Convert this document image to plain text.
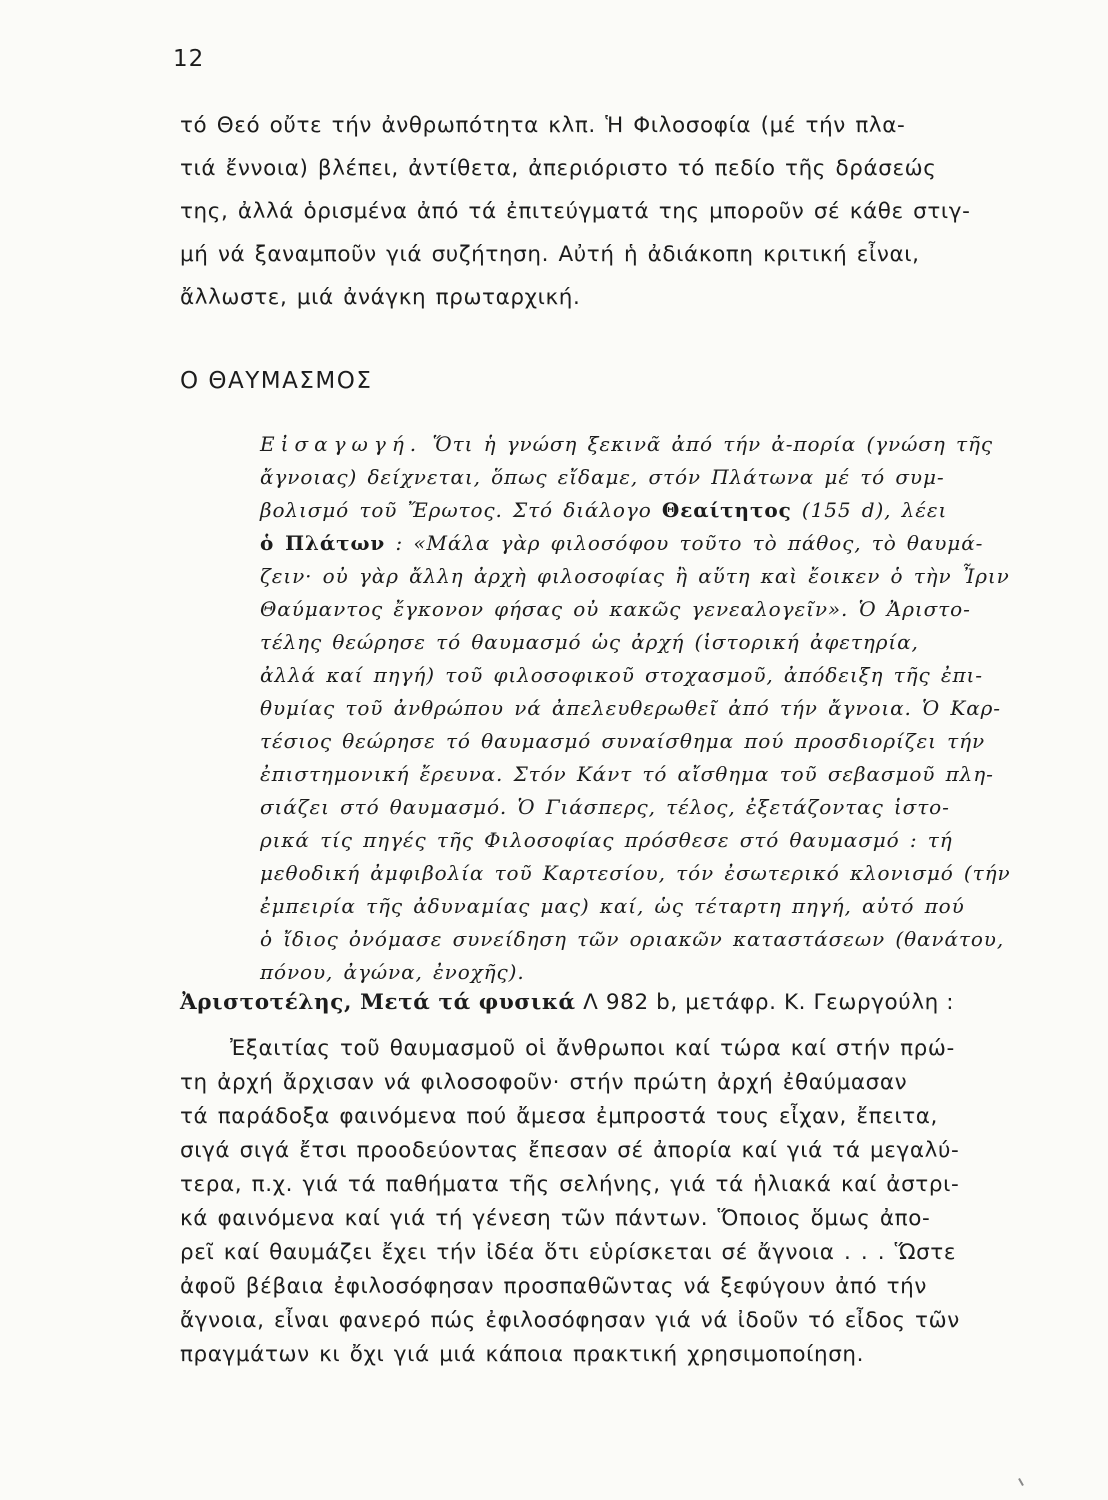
12
τό Θεό οὔτε τήν ἀνθρωπότητα κλπ. Ἡ Φιλοσοφία (μέ τήν πλα-
τιά ἔννοια) βλέπει, ἀντίθετα, ἀπεριόριστο τό πεδίο τῆς δράσεώς
της, ἀλλά ὁρισμένα ἀπό τά ἐπιτεύγματά της μποροῦν σέ κάθε στιγ-
μή νά ξαναμποῦν γιά συζήτηση. Αὐτή ἡ ἀδιάκοπη κριτική εἶναι,
ἄλλωστε, μιά ἀνάγκη πρωταρχική.
Ο ΘΑΥΜΑΣΜΟΣ
Εἰσαγωγή. Ὅτι ἡ γνώση ξεκινᾶ ἀπό τήν ἀ-πορία (γνώση τῆς
ἄγνοιας) δείχνεται, ὅπως εἴδαμε, στόν Πλάτωνα μέ τό συμ-
βολισμό τοῦ Ἔρωτος. Στό διάλογο Θεαίτητος (155 d), λέει
ὁ Πλάτων : «Μάλα γὰρ φιλοσόφου τοῦτο τὸ πάθος, τὸ θαυμά-
ζειν· οὐ γὰρ ἄλλη ἀρχὴ φιλοσοφίας ἢ αὕτη καὶ ἔοικεν ὁ τὴν Ἶριν
Θαύμαντος ἔγκονον φήσας οὐ κακῶς γενεαλογεῖν». Ὁ Ἀριστο-
τέλης θεώρησε τό θαυμασμό ὡς ἀρχή (ἱστορική ἀφετηρία,
ἀλλά καί πηγή) τοῦ φιλοσοφικοῦ στοχασμοῦ, ἀπόδειξη τῆς ἐπι-
θυμίας τοῦ ἀνθρώπου νά ἀπελευθερωθεῖ ἀπό τήν ἄγνοια. Ὁ Καρ-
τέσιος θεώρησε τό θαυμασμό συναίσθημα πού προσδιορίζει τήν
ἐπιστημονική ἔρευνα. Στόν Κάντ τό αἴσθημα τοῦ σεβασμοῦ πλη-
σιάζει στό θαυμασμό. Ὁ Γιάσπερς, τέλος, ἐξετάζοντας ἱστο-
ρικά τίς πηγές τῆς Φιλοσοφίας πρόσθεσε στό θαυμασμό : τή
μεθοδική ἀμφιβολία τοῦ Καρτεσίου, τόν ἐσωτερικό κλονισμό (τήν
ἐμπειρία τῆς ἀδυναμίας μας) καί, ὡς τέταρτη πηγή, αὐτό πού
ὁ ἴδιος ὀνόμασε συνείδηση τῶν οριακῶν καταστάσεων (θανάτου,
πόνου, ἀγώνα, ἐνοχῆς).
Ἀριστοτέλης, Μετά τά φυσικά Λ 982 b, μετάφρ. Κ. Γεωργούλη :
Ἐξαιτίας τοῦ θαυμασμοῦ οἱ ἄνθρωποι καί τώρα καί στήν πρώ-
τη ἀρχή ἄρχισαν νά φιλοσοφοῦν· στήν πρώτη ἀρχή ἐθαύμασαν
τά παράδοξα φαινόμενα πού ἄμεσα ἐμπροστά τους εἶχαν, ἔπειτα,
σιγά σιγά ἔτσι προοδεύοντας ἔπεσαν σέ ἀπορία καί γιά τά μεγαλύ-
τερα, π.χ. γιά τά παθήματα τῆς σελήνης, γιά τά ἡλιακά καί ἀστρι-
κά φαινόμενα καί γιά τή γένεση τῶν πάντων. Ὅποιος ὅμως ἀπο-
ρεῖ καί θαυμάζει ἔχει τήν ἰδέα ὅτι εὑρίσκεται σέ ἄγνοια . . . Ὥστε
ἀφοῦ βέβαια ἐφιλοσόφησαν προσπαθῶντας νά ξεφύγουν ἀπό τήν
ἄγνοια, εἶναι φανερό πώς ἐφιλοσόφησαν γιά νά ἰδοῦν τό εἶδος τῶν
πραγμάτων κι ὄχι γιά μιά κάποια πρακτική χρησιμοποίηση.
